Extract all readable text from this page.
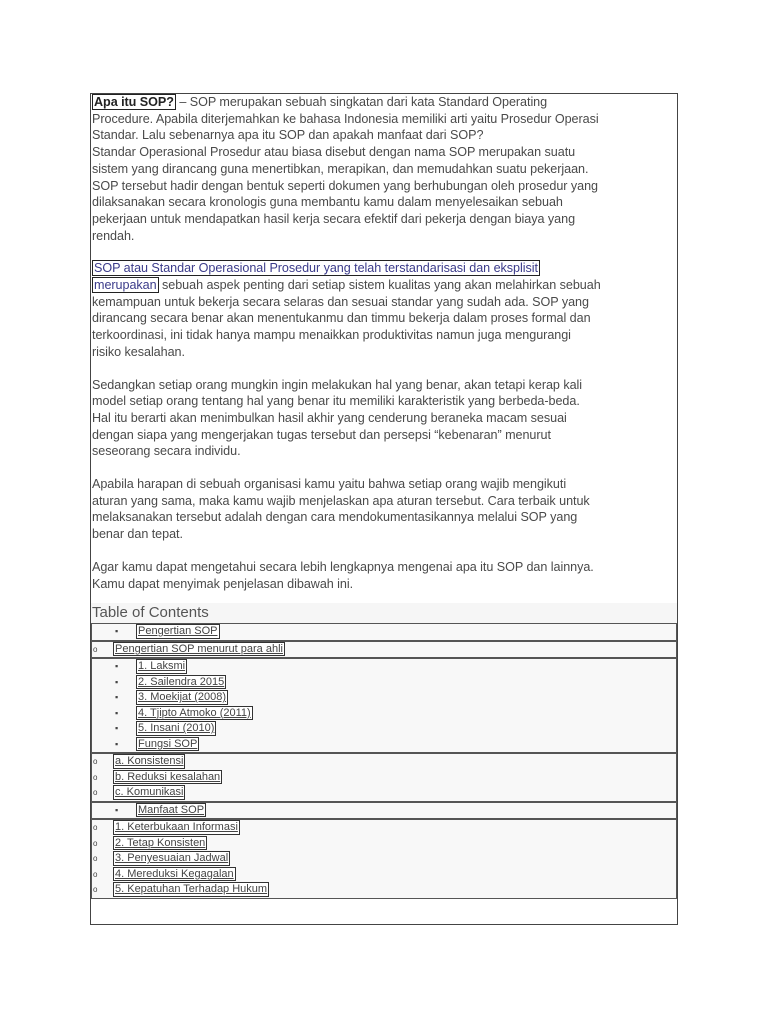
Apa itu SOP? – SOP merupakan sebuah singkatan dari kata Standard Operating
Procedure. Apabila diterjemahkan ke bahasa Indonesia memiliki arti yaitu Prosedur Operasi
Standar. Lalu sebenarnya apa itu SOP dan apakah manfaat dari SOP?
Standar Operasional Prosedur atau biasa disebut dengan nama SOP merupakan suatu
sistem yang dirancang guna menertibkan, merapikan, dan memudahkan suatu pekerjaan.
SOP tersebut hadir dengan bentuk seperti dokumen yang berhubungan oleh prosedur yang
dilaksanakan secara kronologis guna membantu kamu dalam menyelesaikan sebuah
pekerjaan untuk mendapatkan hasil kerja secara efektif dari pekerja dengan biaya yang
rendah.
SOP atau Standar Operasional Prosedur yang telah terstandarisasi dan eksplisit
merupakan sebuah aspek penting dari setiap sistem kualitas yang akan melahirkan sebuah
kemampuan untuk bekerja secara selaras dan sesuai standar yang sudah ada. SOP yang
dirancang secara benar akan menentukanmu dan timmu bekerja dalam proses formal dan
terkoordinasi, ini tidak hanya mampu menaikkan produktivitas namun juga mengurangi
risiko kesalahan.
Sedangkan setiap orang mungkin ingin melakukan hal yang benar, akan tetapi kerap kali
model setiap orang tentang hal yang benar itu memiliki karakteristik yang berbeda-beda.
Hal itu berarti akan menimbulkan hasil akhir yang cenderung beraneka macam sesuai
dengan siapa yang mengerjakan tugas tersebut dan persepsi “kebenaran” menurut
seseorang secara individu.
Apabila harapan di sebuah organisasi kamu yaitu bahwa setiap orang wajib mengikuti
aturan yang sama, maka kamu wajib menjelaskan apa aturan tersebut. Cara terbaik untuk
melaksanakan tersebut adalah dengan cara mendokumentasikannya melalui SOP yang
benar dan tepat.
Agar kamu dapat mengetahui secara lebih lengkapnya mengenai apa itu SOP dan lainnya.
Kamu dapat menyimak penjelasan dibawah ini.
Table of Contents
▪ Pengertian SOP
o Pengertian SOP menurut para ahli
▪ 1. Laksmi
▪ 2. Sailendra 2015
▪ 3. Moekijat (2008)
▪ 4. Tjipto Atmoko (2011)
▪ 5. Insani (2010)
▪ Fungsi SOP
o a. Konsistensi
o b. Reduksi kesalahan
o c. Komunikasi
▪ Manfaat SOP
o 1. Keterbukaan Informasi
o 2. Tetap Konsisten
o 3. Penyesuaian Jadwal
o 4. Mereduksi Kegagalan
o 5. Kepatuhan Terhadap Hukum
